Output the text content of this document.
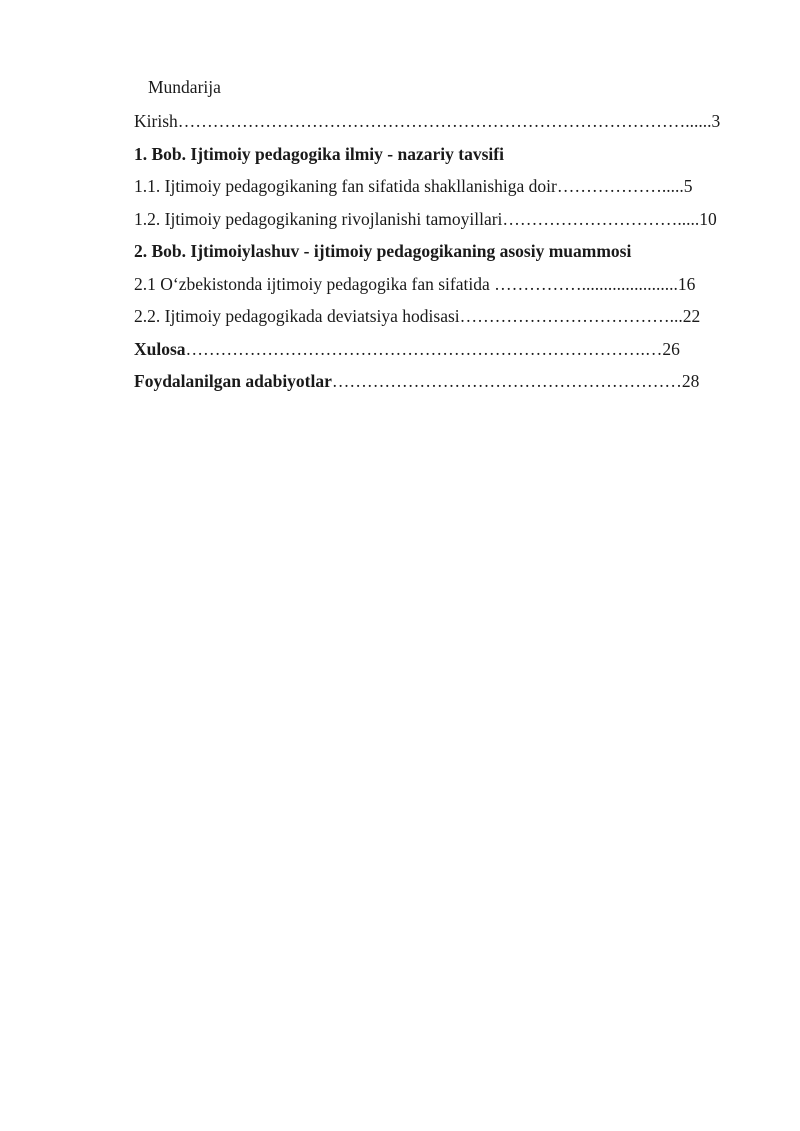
Mundarija
Kirish……………………………………………………………………………......3
1. Bob. Ijtimoiy pedagogika ilmiy - nazariy tavsifi
1.1. Ijtimoiy pedagogikaning fan sifatida shakllanishiga doir……………….....5
1.2. Ijtimoiy pedagogikaning rivojlanishi tamoyillari………………………….....10
2. Bob. Ijtimoiylashuv - ijtimoiy pedagogikaning asosiy muammosi
2.1 O‘zbekistonda ijtimoiy pedagogika fan sifatida ……………......................16
2.2. Ijtimoiy pedagogikada deviatsiya hodisasi………………………………...22
Xulosa…………………………………………………………………….…26
Foydalanilgan adabiyotlar……………………………………………………28
